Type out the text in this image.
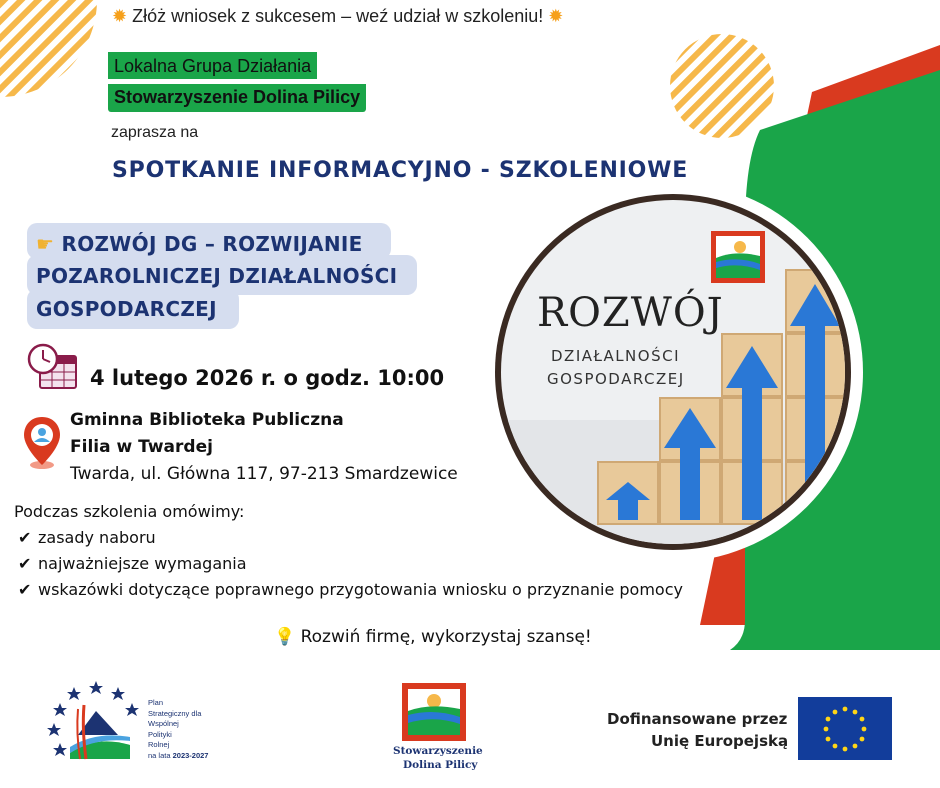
✹ Złóż wniosek z sukcesem – weź udział w szkoleniu! ✹
Lokalna Grupa Działania
Stowarzyszenie Dolina Pilicy
zaprasza na
SPOTKANIE INFORMACYJNO - SZKOLENIOWE
☛ ROZWÓJ DG – ROZWIJANIE
POZAROLNICZEJ DZIAŁALNOŚCI
GOSPODARCZEJ
4 lutego 2026 r. o godz. 10:00
Gminna Biblioteka Publiczna
Filia w Twardej
Twarda, ul. Główna 117, 97-213 Smardzewice
Podczas szkolenia omówimy:
✔ zasady naboru
✔ najważniejsze wymagania
✔ wskazówki dotyczące poprawnego przygotowania wniosku o przyznanie pomocy
💡 Rozwiń firmę, wykorzystaj szansę!
ROZWÓJ
DZIAŁALNOŚCI
GOSPODARCZEJ
Plan
Strategiczny dla
Wspólnej
Polityki
Rolnej
na lata 2023-2027	Stowarzyszenie
Dolina Pilicy
Dofinansowane przez
Unię Europejską
